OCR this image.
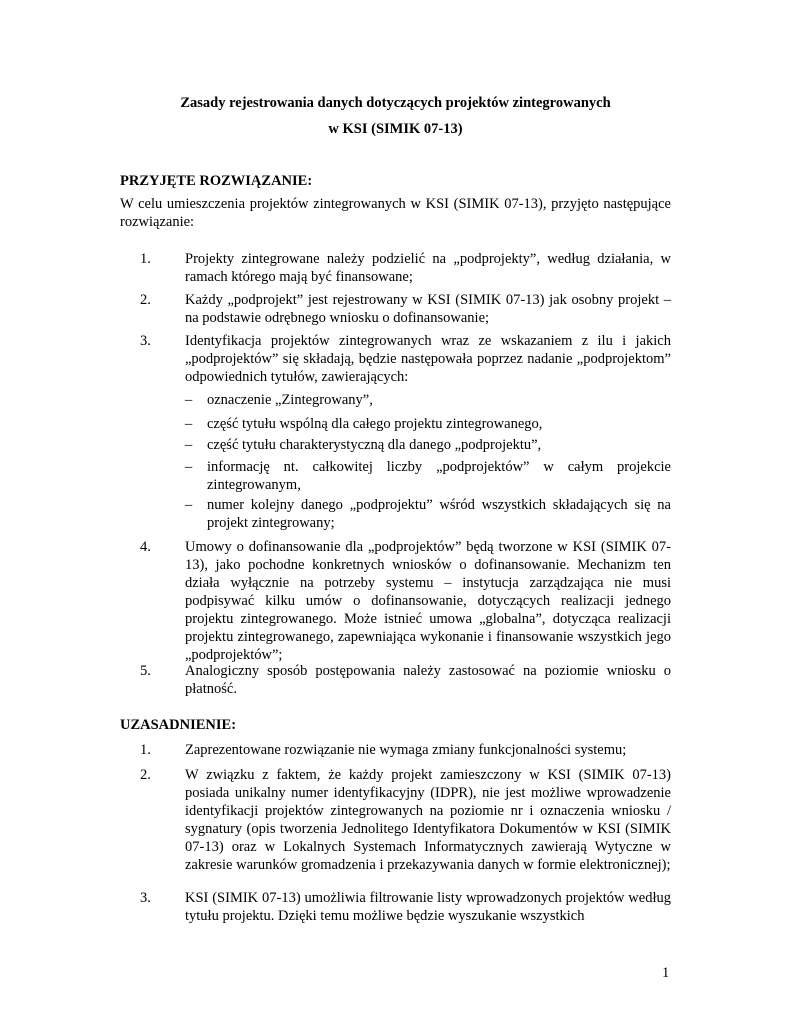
Zasady rejestrowania danych dotyczących projektów zintegrowanych
w KSI (SIMIK 07-13)
PRZYJĘTE ROZWIĄZANIE:
W celu umieszczenia projektów zintegrowanych w KSI (SIMIK 07-13), przyjęto następujące rozwiązanie:
1. Projekty zintegrowane należy podzielić na „podprojekty”, według działania, w ramach którego mają być finansowane;
2. Każdy „podprojekt” jest rejestrowany w KSI (SIMIK 07-13) jak osobny projekt – na podstawie odrębnego wniosku o dofinansowanie;
3. Identyfikacja projektów zintegrowanych wraz ze wskazaniem z ilu i jakich „podprojektów” się składają, będzie następowała poprzez nadanie „podprojektom” odpowiednich tytułów, zawierających:
– oznaczenie „Zintegrowany”,
– część tytułu wspólną dla całego projektu zintegrowanego,
– część tytułu charakterystyczną dla danego „podprojektu”,
– informację nt. całkowitej liczby „podprojektów” w całym projekcie zintegrowanym,
– numer kolejny danego „podprojektu” wśród wszystkich składających się na projekt zintegrowany;
4. Umowy o dofinansowanie dla „podprojektów” będą tworzone w KSI (SIMIK 07-13), jako pochodne konkretnych wniosków o dofinansowanie. Mechanizm ten działa wyłącznie na potrzeby systemu – instytucja zarządzająca nie musi podpisywać kilku umów o dofinansowanie, dotyczących realizacji jednego projektu zintegrowanego. Może istnieć umowa „globalna”, dotycząca realizacji projektu zintegrowanego, zapewniająca wykonanie i finansowanie wszystkich jego „podprojektów”;
5. Analogiczny sposób postępowania należy zastosować na poziomie wniosku o płatność.
UZASADNIENIE:
1. Zaprezentowane rozwiązanie nie wymaga zmiany funkcjonalności systemu;
2. W związku z faktem, że każdy projekt zamieszczony w KSI (SIMIK 07-13) posiada unikalny numer identyfikacyjny (IDPR), nie jest możliwe wprowadzenie identyfikacji projektów zintegrowanych na poziomie nr i oznaczenia wniosku / sygnatury (opis tworzenia Jednolitego Identyfikatora Dokumentów w KSI (SIMIK 07-13) oraz w Lokalnych Systemach Informatycznych zawierają Wytyczne w zakresie warunków gromadzenia i przekazywania danych w formie elektronicznej);
3. KSI (SIMIK 07-13) umożliwia filtrowanie listy wprowadzonych projektów według tytułu projektu. Dzięki temu możliwe będzie wyszukanie wszystkich
1
